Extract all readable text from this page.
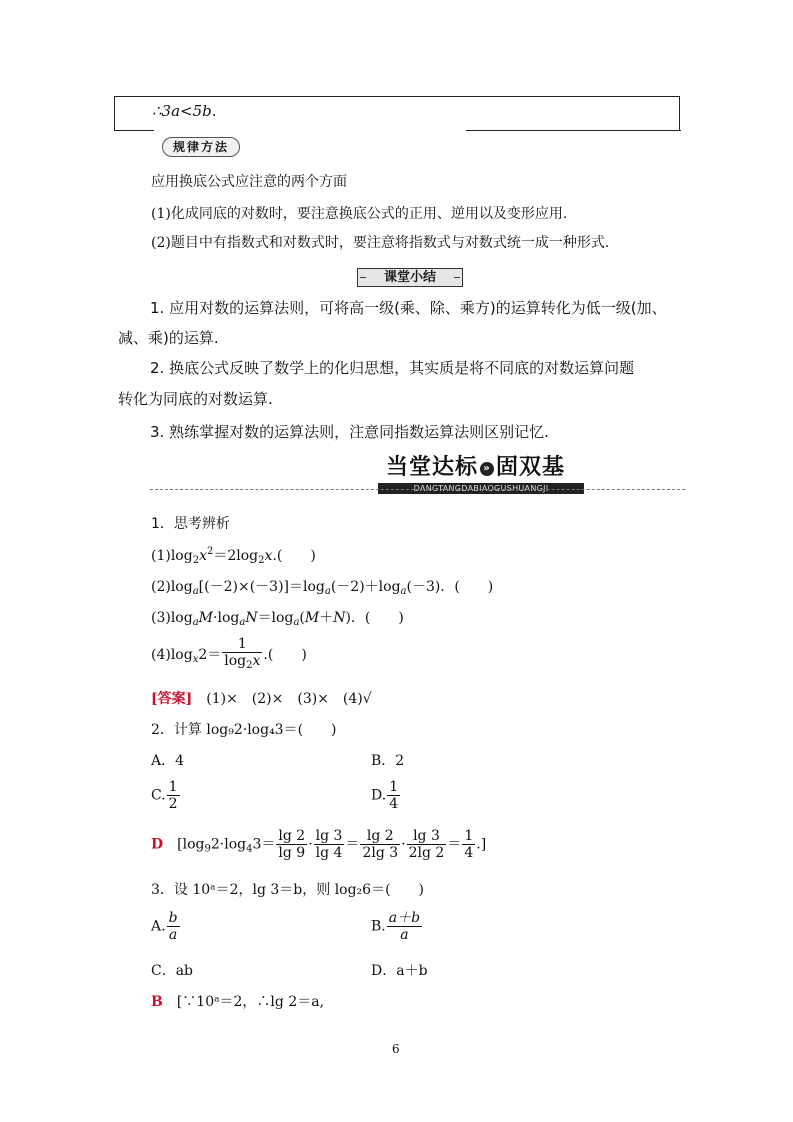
∴3a<5b.
规律方法
应用换底公式应注意的两个方面
(1)化成同底的对数时，要注意换底公式的正用、逆用以及变形应用.
(2)题目中有指数式和对数式时，要注意将指数式与对数式统一成一种形式.
课堂小结
1. 应用对数的运算法则，可将高一级(乘、除、乘方)的运算转化为低一级(加、
减、乘)的运算.
2. 换底公式反映了数学上的化归思想，其实质是将不同底的对数运算问题
转化为同底的对数运算.
3. 熟练掌握对数的运算法则，注意同指数运算法则区别记忆.
当堂达标 » 固双基
DANGTANGDABIAOGUSHUANGJI
1．思考辨析
$(1)\log_2x^2=2\log_2x$.(　　)
$(2)\log_a[(-2)\times(-3)]=\log_a(-2)+\log_a(-3)$．(　　)
$(3)\log_aM\cdot\log_aN=\log_a(M+N)$．(　　)
$(4)\log_x2= \frac{1}{\log_2x}$ .(　　)
[答案]　 (1)×　(2)×　(3)×　(4)√
2．计算 log₉2·log₄3＝(　　)
A．4	B．2
C. $\frac{1}{2}$	D. $\frac{1}{4}$
D　[$\log_92\cdot\log_43= \frac{\lg 2}{\lg 9} \cdot \frac{\lg 3}{\lg 4} = \frac{\lg 2}{2\lg 3} \cdot \frac{\lg 3}{2\lg 2} = \frac{1}{4}$ .]
3．设 10ᵃ＝2，lg 3＝b，则 log₂6＝(　　)
A. $\frac{b}{a}$	B. $\frac{a+b}{a}$
C．ab	D．a＋b
B　 [∵10ᵃ＝2，∴lg 2＝a,
6
